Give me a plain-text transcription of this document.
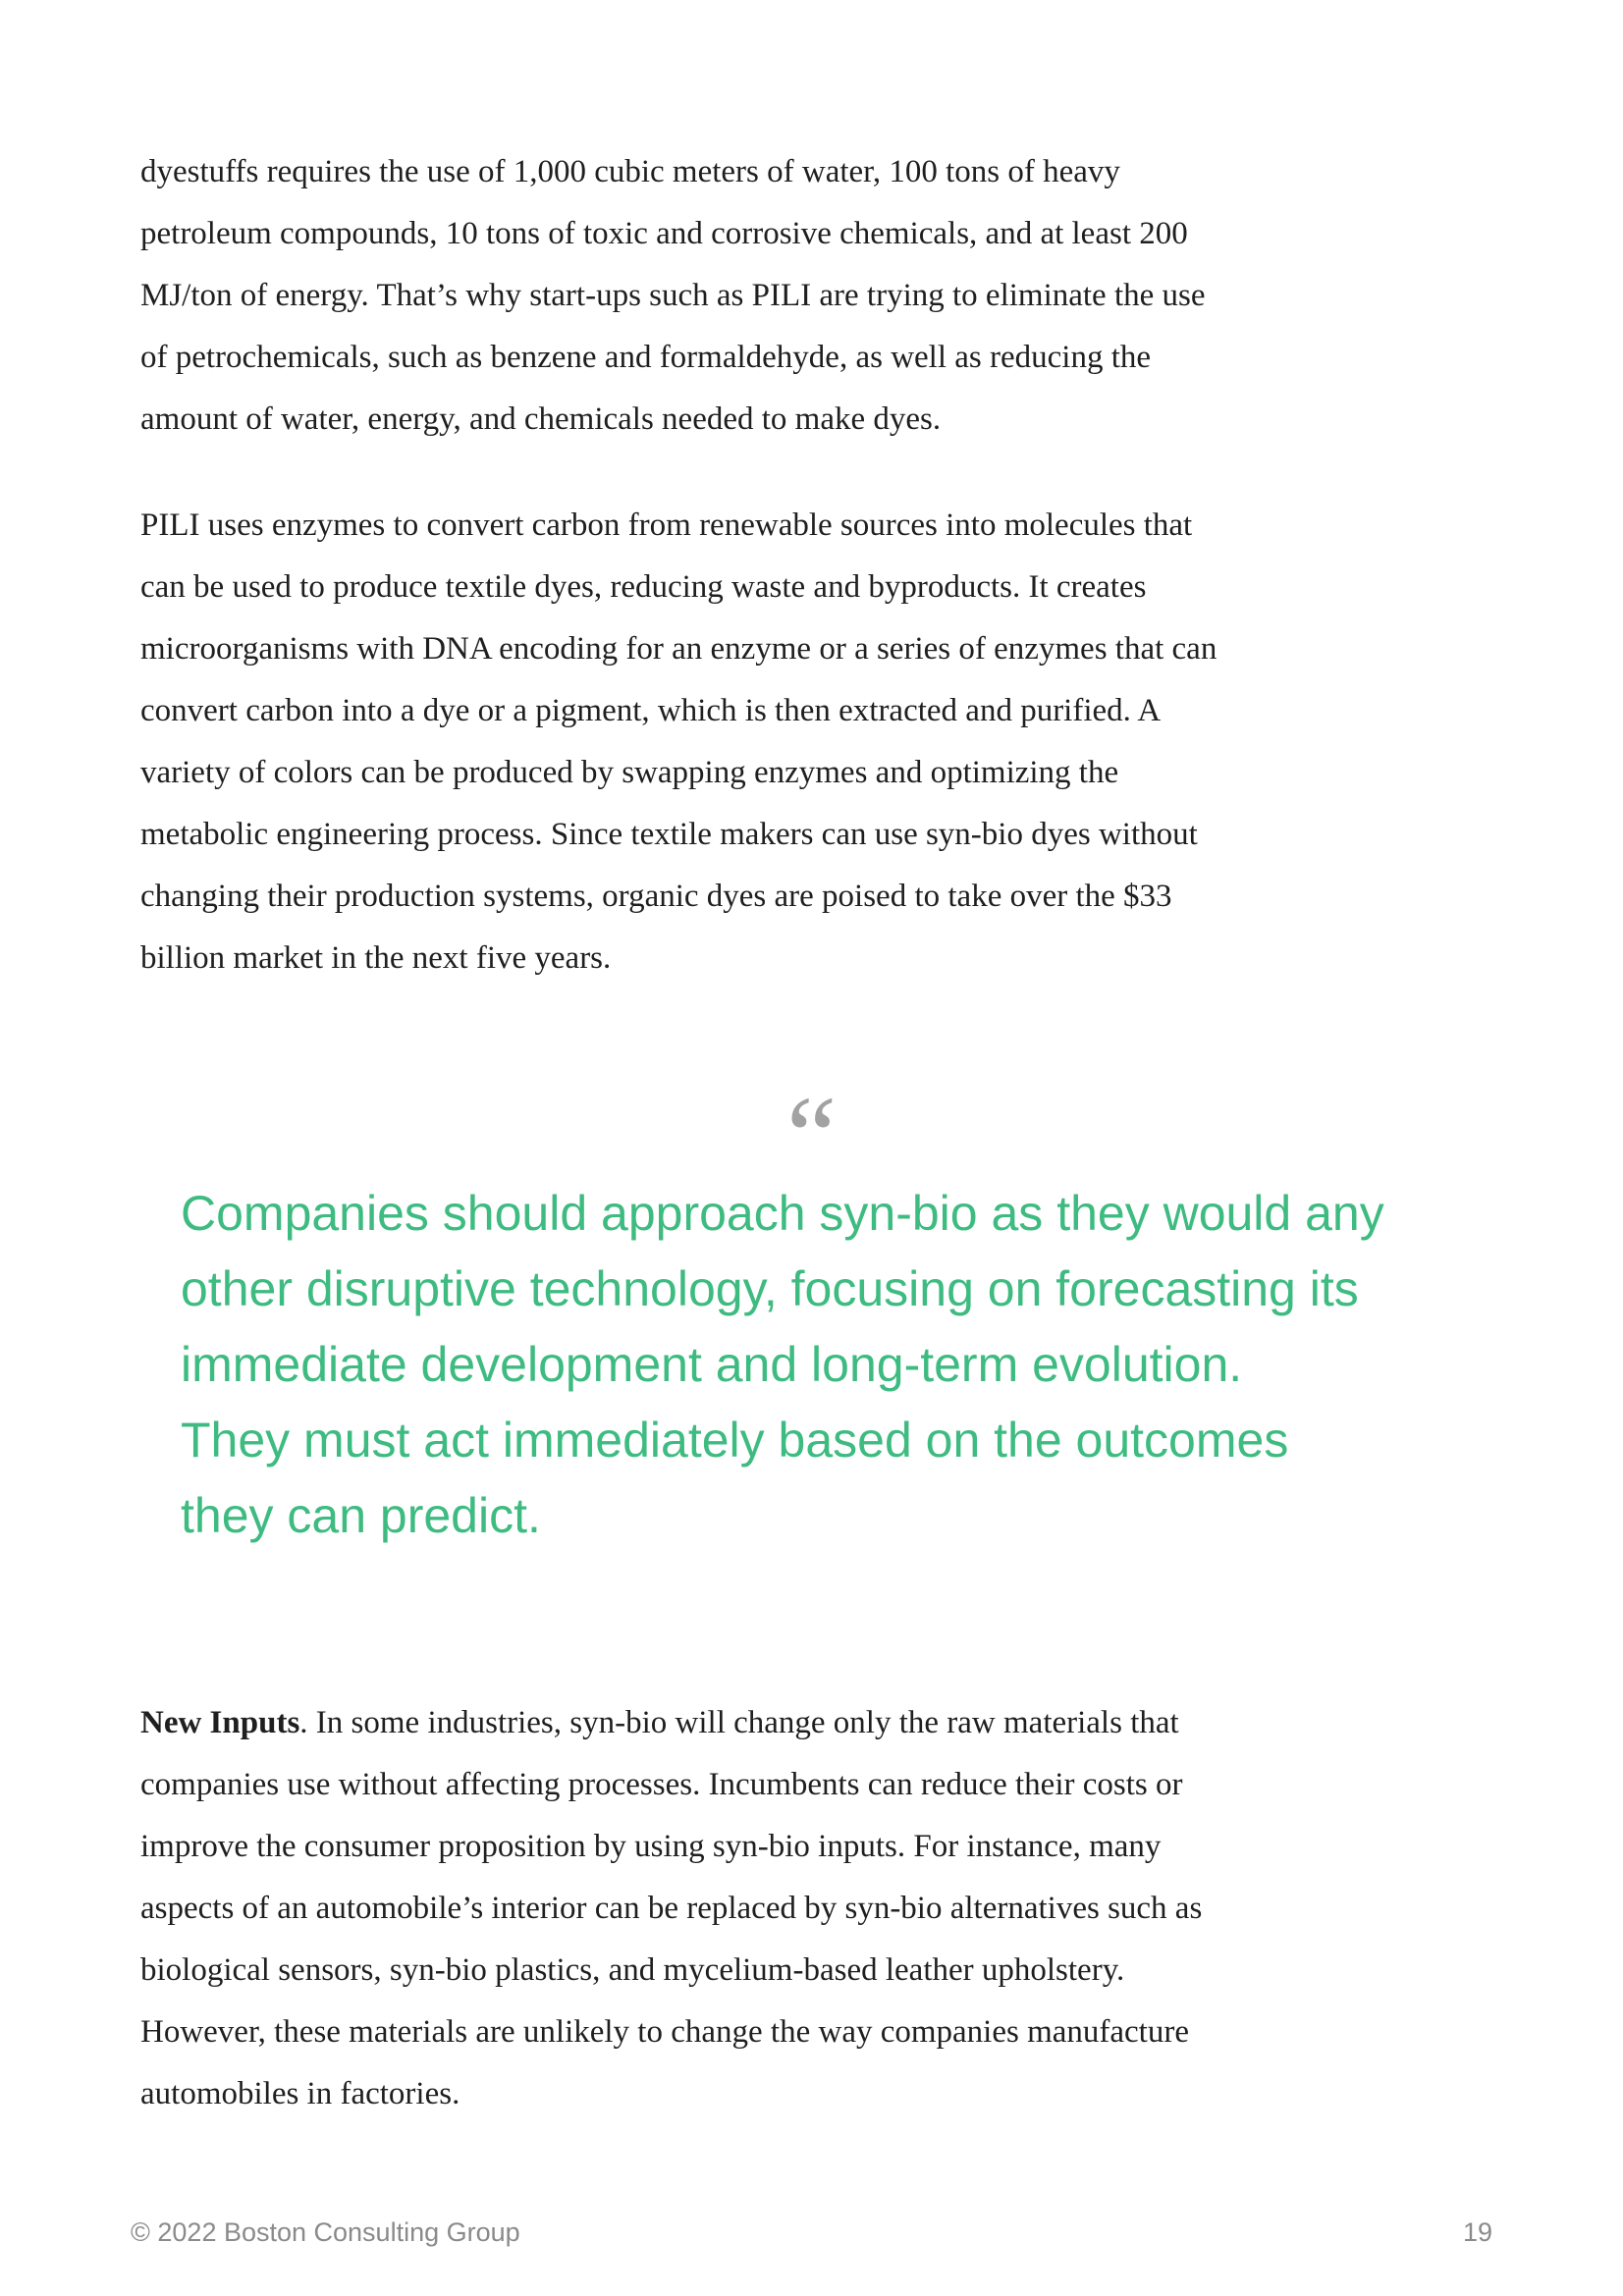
dyestuffs requires the use of 1,000 cubic meters of water, 100 tons of heavy
petroleum compounds, 10 tons of toxic and corrosive chemicals, and at least 200
MJ/ton of energy. That’s why start-ups such as PILI are trying to eliminate the use
of petrochemicals, such as benzene and formaldehyde, as well as reducing the
amount of water, energy, and chemicals needed to make dyes.
PILI uses enzymes to convert carbon from renewable sources into molecules that
can be used to produce textile dyes, reducing waste and byproducts. It creates
microorganisms with DNA encoding for an enzyme or a series of enzymes that can
convert carbon into a dye or a pigment, which is then extracted and purified. A
variety of colors can be produced by swapping enzymes and optimizing the
metabolic engineering process. Since textile makers can use syn-bio dyes without
changing their production systems, organic dyes are poised to take over the $33
billion market in the next five years.
“
Companies should approach syn-bio as they would any
other disruptive technology, focusing on forecasting its
immediate development and long-term evolution.
They must act immediately based on the outcomes
they can predict.
New Inputs. In some industries, syn-bio will change only the raw materials that
companies use without affecting processes. Incumbents can reduce their costs or
improve the consumer proposition by using syn-bio inputs. For instance, many
aspects of an automobile’s interior can be replaced by syn-bio alternatives such as
biological sensors, syn-bio plastics, and mycelium-based leather upholstery.
However, these materials are unlikely to change the way companies manufacture
automobiles in factories.
© 2022 Boston Consulting Group	19
